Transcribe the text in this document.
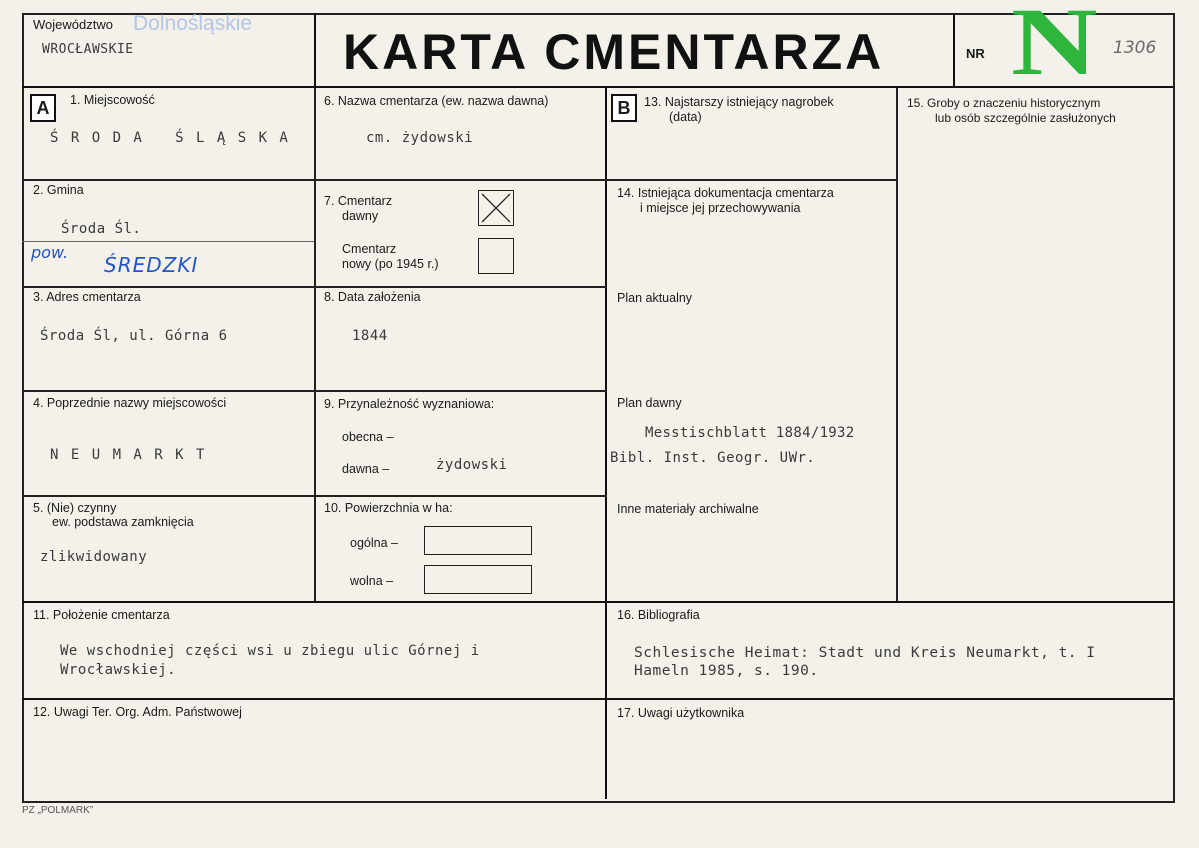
Województwo Dolnośląskie
WROCŁAWSKIE	KARTA CMENTARZA	NR N 1306
A	B
1. Miejscowość
Ś R O D A   Ś L Ą S K A
2. Gmina
Środa Śl.
pow.
ŚREDZKI
3. Adres cmentarza
Środa Śl, ul. Górna 6
4. Poprzednie nazwy miejscowości
N E U M A R K T
5. (Nie) czynny
ew. podstawa zamknięcia
zlikwidowany
6. Nazwa cmentarza (ew. nazwa dawna)
cm. żydowski
7. Cmentarz
dawny
Cmentarz
nowy (po 1945 r.)
8. Data założenia
1844
9. Przynależność wyznaniowa:
obecna –
dawna –	żydowski
10. Powierzchnia w ha:
ogólna –
wolna –
11. Położenie cmentarza
We wschodniej części wsi u zbiegu ulic Górnej i
Wrocławskiej.
12. Uwagi Ter. Org. Adm. Państwowej
13. Najstarszy istniejący nagrobek
(data)
14. Istniejąca dokumentacja cmentarza
i miejsce jej przechowywania
Plan aktualny
Plan dawny
Messtischblatt 1884/1932
Bibl. Inst. Geogr. UWr.
Inne materiały archiwalne
15. Groby o znaczeniu historycznym
lub osób szczególnie zasłużonych
16. Bibliografia
Schlesische Heimat: Stadt und Kreis Neumarkt, t. I
Hameln 1985, s. 190.
17. Uwagi użytkownika
PZ „POLMARK”
